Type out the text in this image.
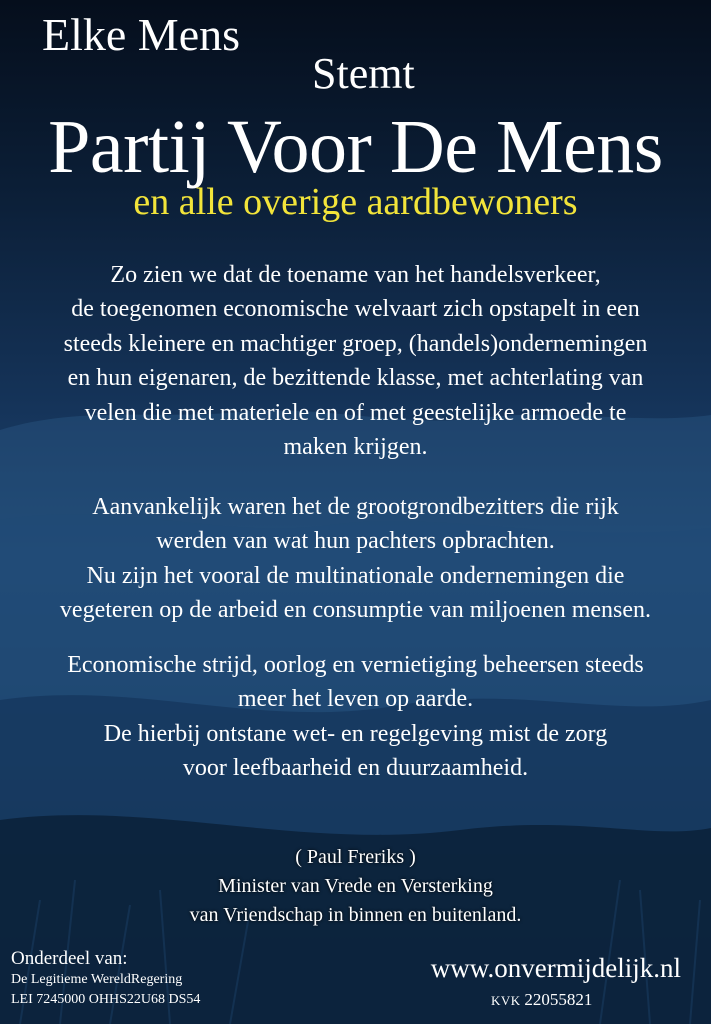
Elke Mens
Stemt
Partij Voor De Mens
en alle overige aardbewoners
Zo zien we dat de toename van het handelsverkeer,
de toegenomen economische welvaart zich opstapelt in een
steeds kleinere en machtiger groep, (handels)ondernemingen
en hun eigenaren, de bezittende klasse, met achterlating van
velen die met materiele en of met geestelijke armoede te
maken krijgen.
Aanvankelijk waren het de grootgrondbezitters die rijk
werden van wat hun pachters opbrachten.
Nu zijn het vooral de multinationale ondernemingen die
vegeteren op de arbeid en consumptie van miljoenen mensen.
Economische strijd, oorlog en vernietiging beheersen steeds
meer het leven op aarde.
De hierbij ontstane wet- en regelgeving mist de zorg
voor leefbaarheid en duurzaamheid.
( Paul Freriks )
Minister van Vrede en Versterking
van Vriendschap in binnen en buitenland.
Onderdeel van:
De Legitieme WereldRegering
LEI 7245000 OHHS22U68 DS54
www.onvermijdelijk.nl
KVK 22055821
